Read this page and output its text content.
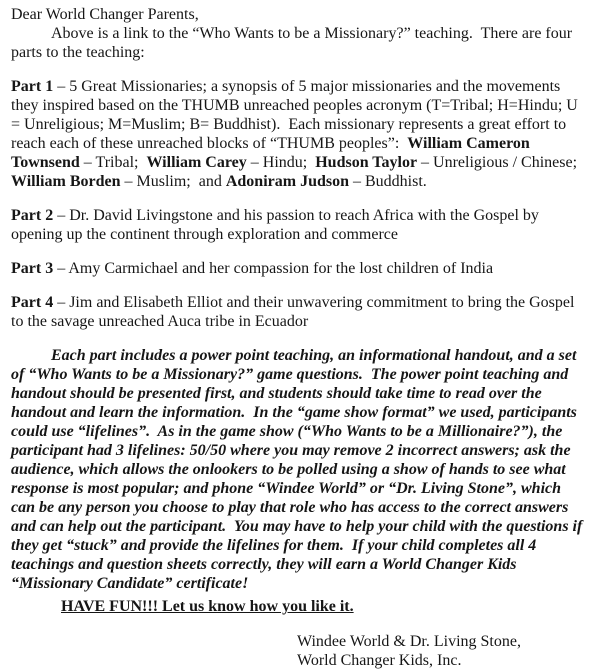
Dear World Changer Parents,

Above is a link to the “Who Wants to be a Missionary?” teaching.  There are four parts to the teaching:

Part 1 – 5 Great Missionaries; a synopsis of 5 major missionaries and the movements they inspired based on the THUMB unreached peoples acronym (T=Tribal; H=Hindu; U = Unreligious; M=Muslim; B= Buddhist).  Each missionary represents a great effort to reach each of these unreached blocks of “THUMB peoples”:  William Cameron Townsend – Tribal;  William Carey – Hindu;  Hudson Taylor – Unreligious / Chinese; William Borden – Muslim;  and Adoniram Judson – Buddhist.

Part 2 – Dr. David Livingstone and his passion to reach Africa with the Gospel by opening up the continent through exploration and commerce

Part 3 – Amy Carmichael and her compassion for the lost children of India

Part 4 – Jim and Elisabeth Elliot and their unwavering commitment to bring the Gospel to the savage unreached Auca tribe in Ecuador

Each part includes a power point teaching, an informational handout, and a set of “Who Wants to be a Missionary?” game questions.  The power point teaching and handout should be presented first, and students should take time to read over the handout and learn the information.  In the “game show format” we used, participants could use “lifelines”.  As in the game show (“Who Wants to be a Millionaire?”), the participant had 3 lifelines: 50/50 where you may remove 2 incorrect answers; ask the audience, which allows the onlookers to be polled using a show of hands to see what response is most popular; and phone “Windee World” or “Dr. Living Stone”, which can be any person you choose to play that role who has access to the correct answers and can help out the participant.  You may have to help your child with the questions if they get “stuck” and provide the lifelines for them.  If your child completes all 4 teachings and question sheets correctly, they will earn a World Changer Kids “Missionary Candidate” certificate!

HAVE FUN!!! Let us know how you like it.

Windee World & Dr. Living Stone,

World Changer Kids, Inc.
